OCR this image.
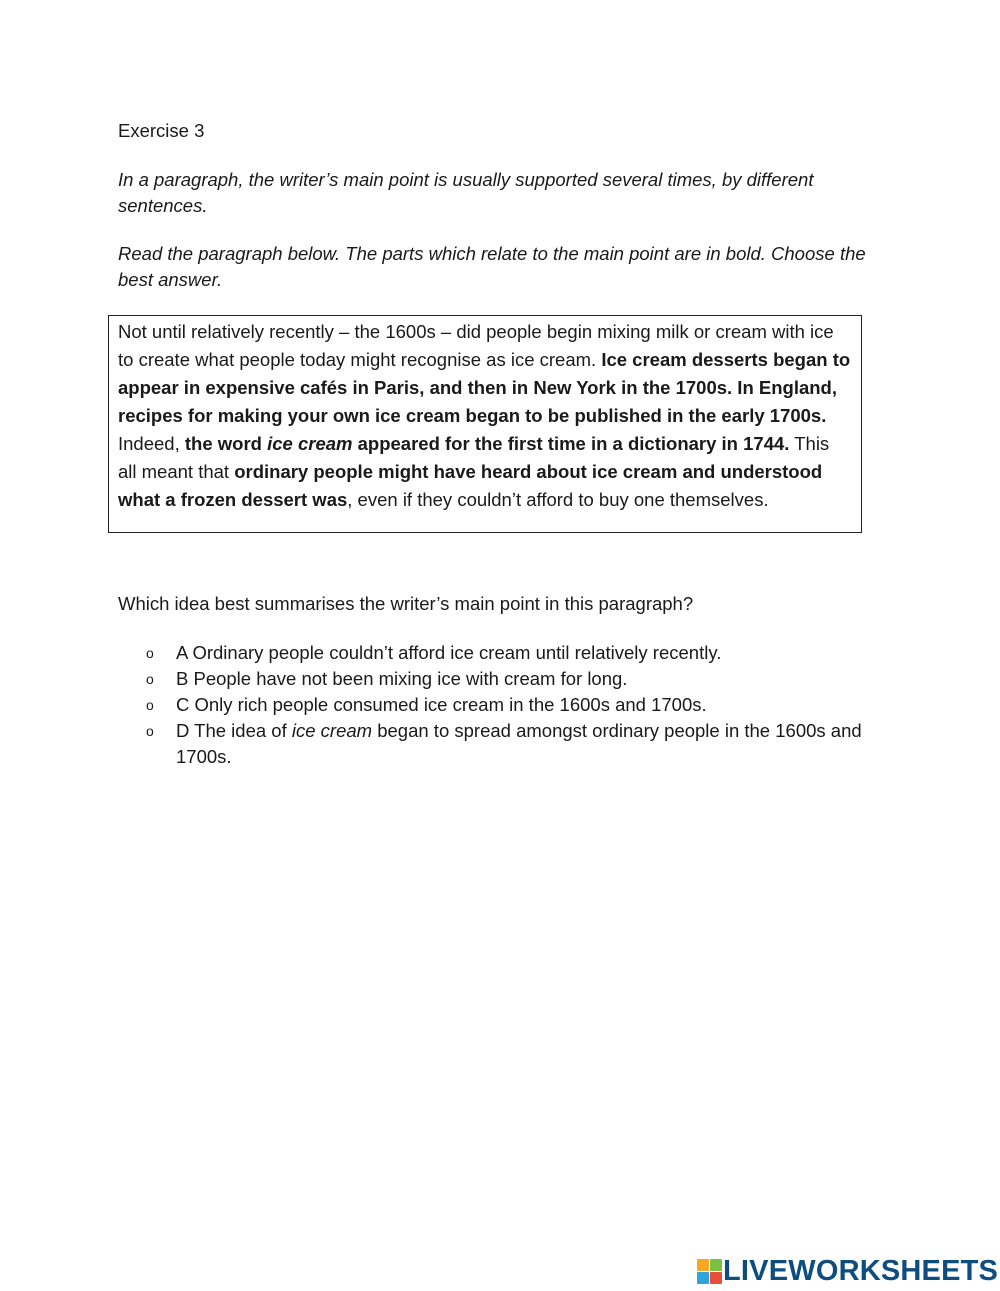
Exercise 3
In a paragraph, the writer’s main point is usually supported several times, by different sentences.
Read the paragraph below. The parts which relate to the main point are in bold. Choose the best answer.
Not until relatively recently – the 1600s – did people begin mixing milk or cream with ice to create what people today might recognise as ice cream. Ice cream desserts began to appear in expensive cafés in Paris, and then in New York in the 1700s. In England, recipes for making your own ice cream began to be published in the early 1700s. Indeed, the word ice cream appeared for the first time in a dictionary in 1744. This all meant that ordinary people might have heard about ice cream and understood what a frozen dessert was, even if they couldn’t afford to buy one themselves.
Which idea best summarises the writer’s main point in this paragraph?
o A Ordinary people couldn’t afford ice cream until relatively recently.
o B People have not been mixing ice with cream for long.
o C Only rich people consumed ice cream in the 1600s and 1700s.
o D The idea of ice cream began to spread amongst ordinary people in the 1600s and 1700s.
LIVEWORKSHEETS
